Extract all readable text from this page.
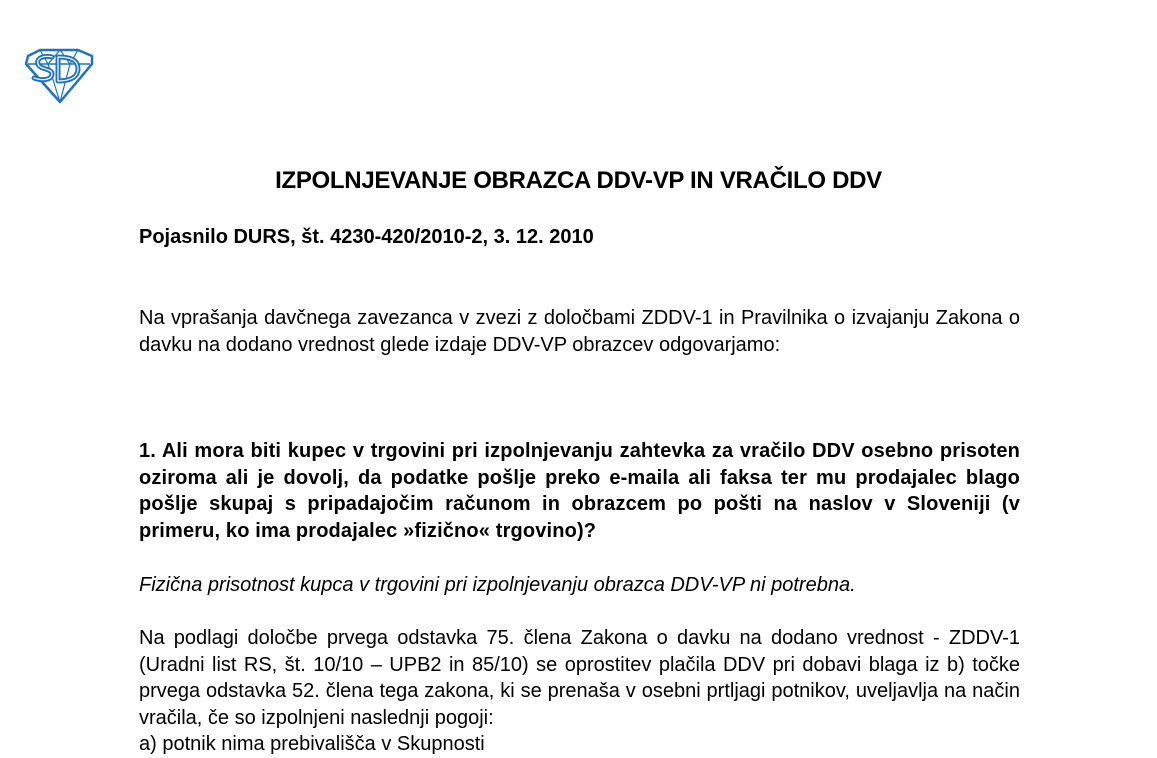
IZPOLNJEVANJE OBRAZCA DDV-VP IN VRAČILO DDV
Pojasnilo DURS, št. 4230-420/2010-2, 3. 12. 2010

Na vprašanja davčnega zavezanca v zvezi z določbami ZDDV-1 in Pravilnika o izvajanju Zakona o davku na dodano vrednost glede izdaje DDV-VP obrazcev odgovarjamo:

1. Ali mora biti kupec v trgovini pri izpolnjevanju zahtevka za vračilo DDV osebno prisoten oziroma ali je dovolj, da podatke pošlje preko e-maila ali faksa ter mu prodajalec blago pošlje skupaj s pripadajočim računom in obrazcem po pošti na naslov v Sloveniji (v primeru, ko ima prodajalec »fizično« trgovino)?

Fizična prisotnost kupca v trgovini pri izpolnjevanju obrazca DDV-VP ni potrebna.

Na podlagi določbe prvega odstavka 75. člena Zakona o davku na dodano vrednost - ZDDV-1 (Uradni list RS, št. 10/10 – UPB2 in 85/10) se oprostitev plačila DDV pri dobavi blaga iz b) točke prvega odstavka 52. člena tega zakona, ki se prenaša v osebni prtljagi potnikov, uveljavlja na način vračila, če so izpolnjeni naslednji pogoji:
a) potnik nima prebivališča v Skupnosti
